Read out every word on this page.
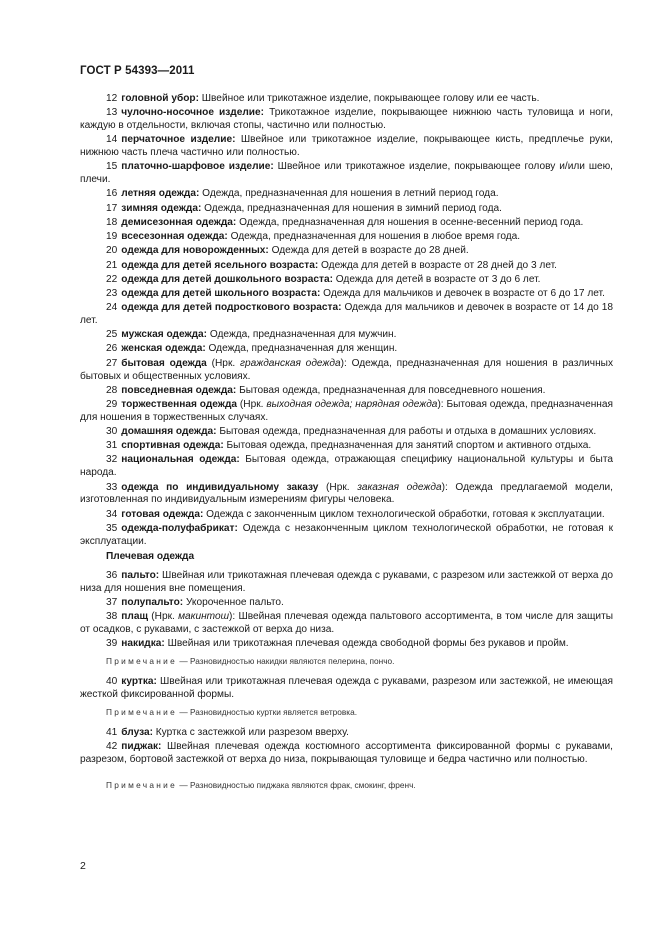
ГОСТ Р 54393—2011

12 головной убор: Швейное или трикотажное изделие, покрывающее голову или ее часть.

13 чулочно-носочное изделие: Трикотажное изделие, покрывающее нижнюю часть туловища и ноги, каждую в отдельности, включая стопы, частично или полностью.

14 перчаточное изделие: Швейное или трикотажное изделие, покрывающее кисть, предплечье руки, нижнюю часть плеча частично или полностью.

15 платочно-шарфовое изделие: Швейное или трикотажное изделие, покрывающее голову и/или шею, плечи.

16 летняя одежда: Одежда, предназначенная для ношения в летний период года.

17 зимняя одежда: Одежда, предназначенная для ношения в зимний период года.

18 демисезонная одежда: Одежда, предназначенная для ношения в осенне-весенний период года.

19 всесезонная одежда: Одежда, предназначенная для ношения в любое время года.

20 одежда для новорожденных: Одежда для детей в возрасте до 28 дней.

21 одежда для детей ясельного возраста: Одежда для детей в возрасте от 28 дней до 3 лет.

22 одежда для детей дошкольного возраста: Одежда для детей в возрасте от 3 до 6 лет.

23 одежда для детей школьного возраста: Одежда для мальчиков и девочек в возрасте от 6 до 17 лет.

24 одежда для детей подросткового возраста: Одежда для мальчиков и девочек в возрасте от 14 до 18 лет.

25 мужская одежда: Одежда, предназначенная для мужчин.

26 женская одежда: Одежда, предназначенная для женщин.

27 бытовая одежда (Нрк. гражданская одежда): Одежда, предназначенная для ношения в различных бытовых и общественных условиях.

28 повседневная одежда: Бытовая одежда, предназначенная для повседневного ношения.

29 торжественная одежда (Нрк. выходная одежда; нарядная одежда): Бытовая одежда, предназначенная для ношения в торжественных случаях.

30 домашняя одежда: Бытовая одежда, предназначенная для работы и отдыха в домашних условиях.

31 спортивная одежда: Бытовая одежда, предназначенная для занятий спортом и активного отдыха.

32 национальная одежда: Бытовая одежда, отражающая специфику национальной культуры и быта народа.

33 одежда по индивидуальному заказу (Нрк. заказная одежда): Одежда предлагаемой модели, изготовленная по индивидуальным измерениям фигуры человека.

34 готовая одежда: Одежда с законченным циклом технологической обработки, готовая к эксплуатации.

35 одежда-полуфабрикат: Одежда с незаконченным циклом технологической обработки, не готовая к эксплуатации.

Плечевая одежда

36 пальто: Швейная или трикотажная плечевая одежда с рукавами, с разрезом или застежкой от верха до низа для ношения вне помещения.

37 полупальто: Укороченное пальто.

38 плащ (Нрк. макинтош): Швейная плечевая одежда пальтового ассортимента, в том числе для защиты от осадков, с рукавами, с застежкой от верха до низа.

39 накидка: Швейная или трикотажная плечевая одежда свободной формы без рукавов и пройм.

Примечание — Разновидностью накидки являются пелерина, пончо.

40 куртка: Швейная или трикотажная плечевая одежда с рукавами, разрезом или застежкой, не имеющая жесткой фиксированной формы.

Примечание — Разновидностью куртки является ветровка.

41 блуза: Куртка с застежкой или разрезом вверху.

42 пиджак: Швейная плечевая одежда костюмного ассортимента фиксированной формы с рукавами, разрезом, бортовой застежкой от верха до низа, покрывающая туловище и бедра частично или полностью.

Примечание — Разновидностью пиджака являются фрак, смокинг, френч.
2
